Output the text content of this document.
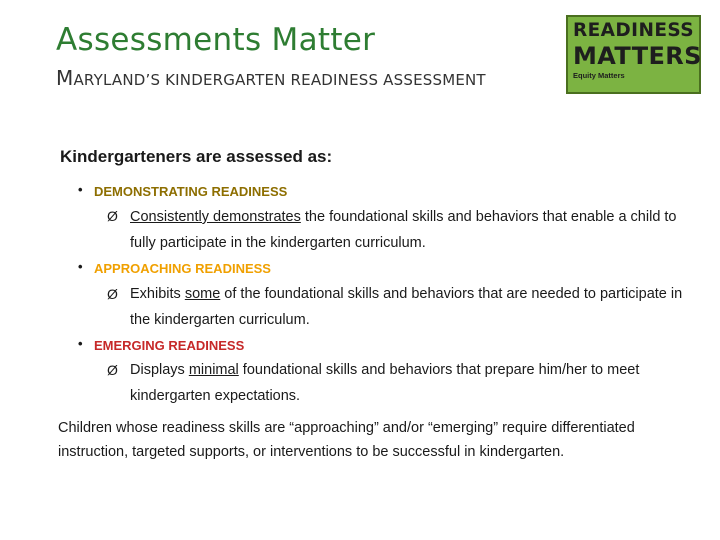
Assessments Matter
MARYLAND’S KINDERGARTEN READINESS ASSESSMENT
READINESS
MATTERS
Equity Matters
Kindergarteners are assessed as:
• DEMONSTRATING READINESS
Ø Consistently demonstrates the foundational skills and behaviors that enable a child to fully participate in the kindergarten curriculum.
• APPROACHING READINESS
Ø Exhibits some of the foundational skills and behaviors that are needed to participate in the kindergarten curriculum.
• EMERGING READINESS
Ø Displays minimal foundational skills and behaviors that prepare him/her to meet kindergarten expectations.
Children whose readiness skills are “approaching” and/or “emerging” require differentiated instruction, targeted supports, or interventions to be successful in kindergarten.
